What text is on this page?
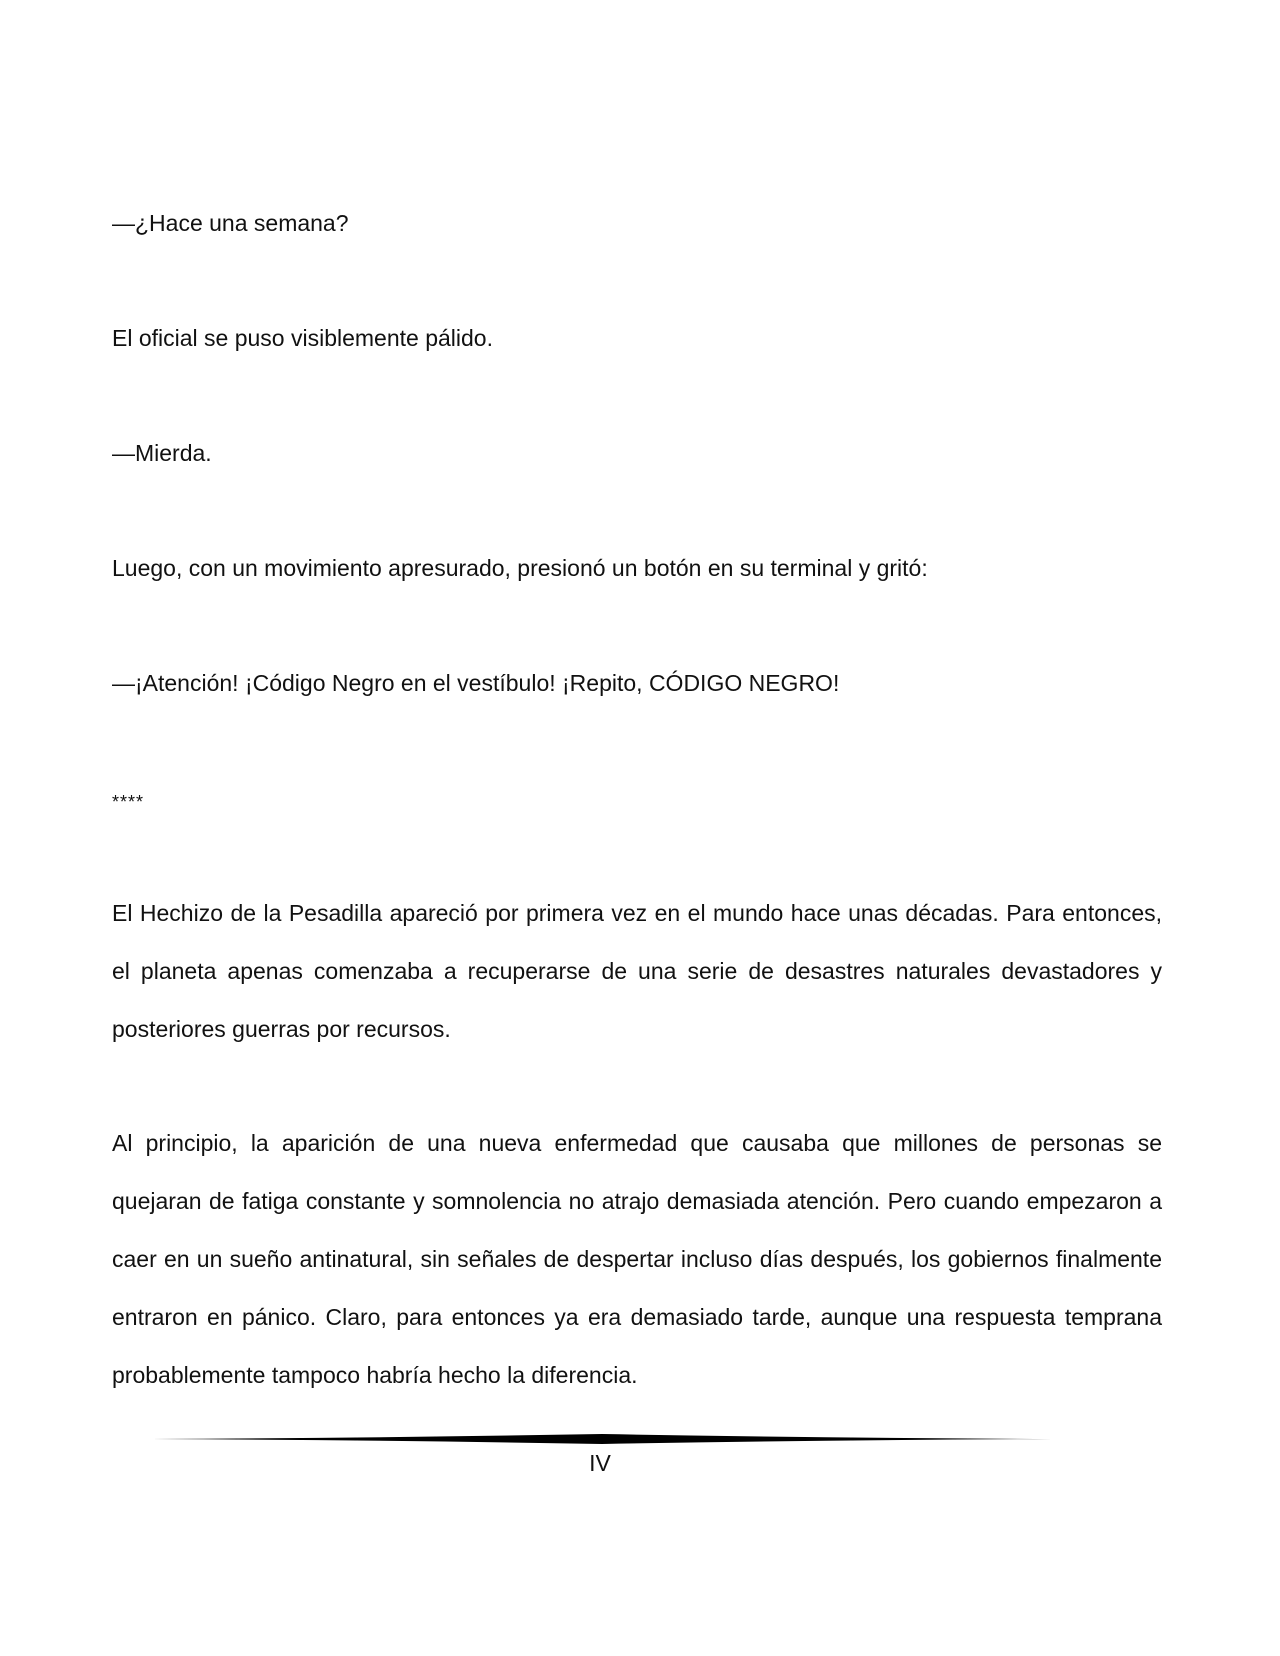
—¿Hace una semana?
El oficial se puso visiblemente pálido.
—Mierda.
Luego, con un movimiento apresurado, presionó un botón en su terminal y gritó:
—¡Atención! ¡Código Negro en el vestíbulo! ¡Repito, CÓDIGO NEGRO!
****
El Hechizo de la Pesadilla apareció por primera vez en el mundo hace unas décadas. Para entonces, el planeta apenas comenzaba a recuperarse de una serie de desastres naturales devastadores y posteriores guerras por recursos.
Al principio, la aparición de una nueva enfermedad que causaba que millones de personas se quejaran de fatiga constante y somnolencia no atrajo demasiada atención. Pero cuando empezaron a caer en un sueño antinatural, sin señales de despertar incluso días después, los gobiernos finalmente entraron en pánico. Claro, para entonces ya era demasiado tarde, aunque una respuesta temprana probablemente tampoco habría hecho la diferencia.
IV
